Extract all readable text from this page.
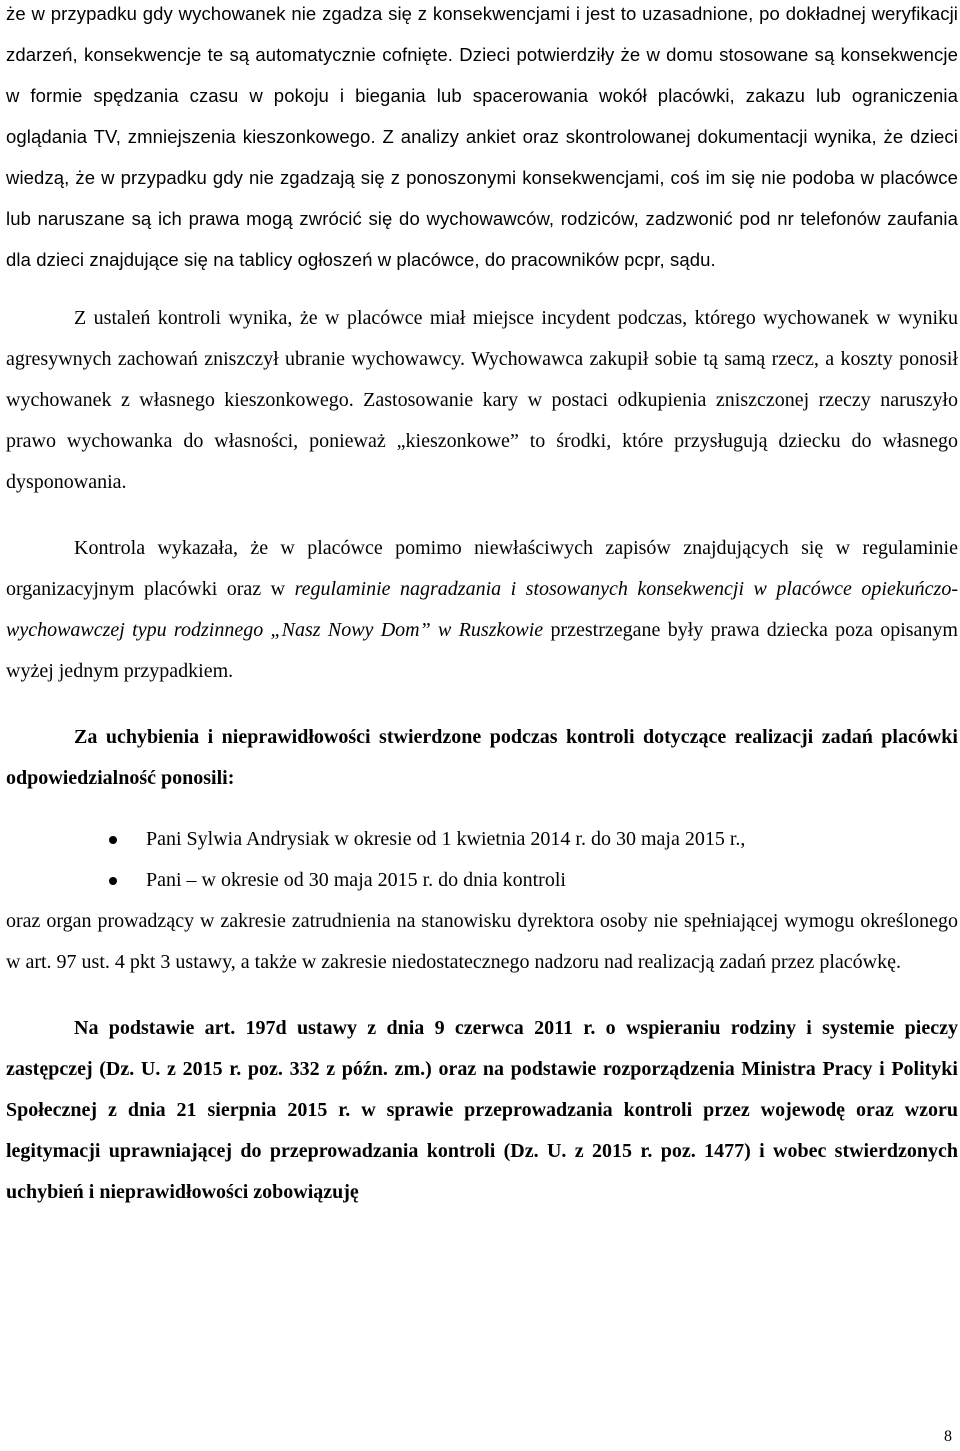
że w przypadku gdy wychowanek nie zgadza się z konsekwencjami i jest to uzasadnione, po dokładnej weryfikacji zdarzeń, konsekwencje te są automatycznie cofnięte. Dzieci potwierdziły że w domu stosowane są konsekwencje w formie spędzania czasu w pokoju i biegania lub spacerowania wokół placówki, zakazu lub ograniczenia oglądania TV, zmniejszenia kieszonkowego. Z analizy ankiet oraz skontrolowanej dokumentacji wynika, że dzieci wiedzą, że w przypadku gdy nie zgadzają się z ponoszonymi konsekwencjami, coś im się nie podoba w placówce lub naruszane są ich prawa mogą zwrócić się do wychowawców, rodziców, zadzwonić pod nr telefonów zaufania dla dzieci znajdujące się na tablicy ogłoszeń w placówce, do pracowników pcpr, sądu.

Z ustaleń kontroli wynika, że w placówce miał miejsce incydent podczas, którego wychowanek w wyniku agresywnych zachowań zniszczył ubranie wychowawcy. Wychowawca zakupił sobie tą samą rzecz, a koszty ponosił wychowanek z własnego kieszonkowego. Zastosowanie kary w postaci odkupienia zniszczonej rzeczy naruszyło prawo wychowanka do własności, ponieważ „kieszonkowe” to środki, które przysługują dziecku do własnego dysponowania.

Kontrola wykazała, że w placówce pomimo niewłaściwych zapisów znajdujących się w regulaminie organizacyjnym placówki oraz w regulaminie nagradzania i stosowanych konsekwencji w placówce opiekuńczo-wychowawczej typu rodzinnego „Nasz Nowy Dom” w Ruszkowie przestrzegane były prawa dziecka poza opisanym wyżej jednym przypadkiem.

Za uchybienia i nieprawidłowości stwierdzone podczas kontroli dotyczące realizacji zadań placówki odpowiedzialność ponosili:

Pani Sylwia Andrysiak w okresie od 1 kwietnia 2014 r. do 30 maja 2015 r.,
Pani – w okresie od 30 maja 2015 r. do dnia kontroli

oraz organ prowadzący w zakresie zatrudnienia na stanowisku dyrektora osoby nie spełniającej wymogu określonego w art. 97 ust. 4 pkt 3 ustawy, a także w zakresie niedostatecznego nadzoru nad realizacją zadań przez placówkę.

Na podstawie art. 197d ustawy z dnia 9 czerwca 2011 r. o wspieraniu rodziny i systemie pieczy zastępczej (Dz. U. z 2015 r. poz. 332 z późn. zm.) oraz na podstawie rozporządzenia Ministra Pracy i Polityki Społecznej z dnia 21 sierpnia 2015 r. w sprawie przeprowadzania kontroli przez wojewodę oraz wzoru legitymacji uprawniającej do przeprowadzania kontroli (Dz. U. z 2015 r. poz. 1477) i wobec stwierdzonych uchybień i nieprawidłowości zobowiązuję

8
